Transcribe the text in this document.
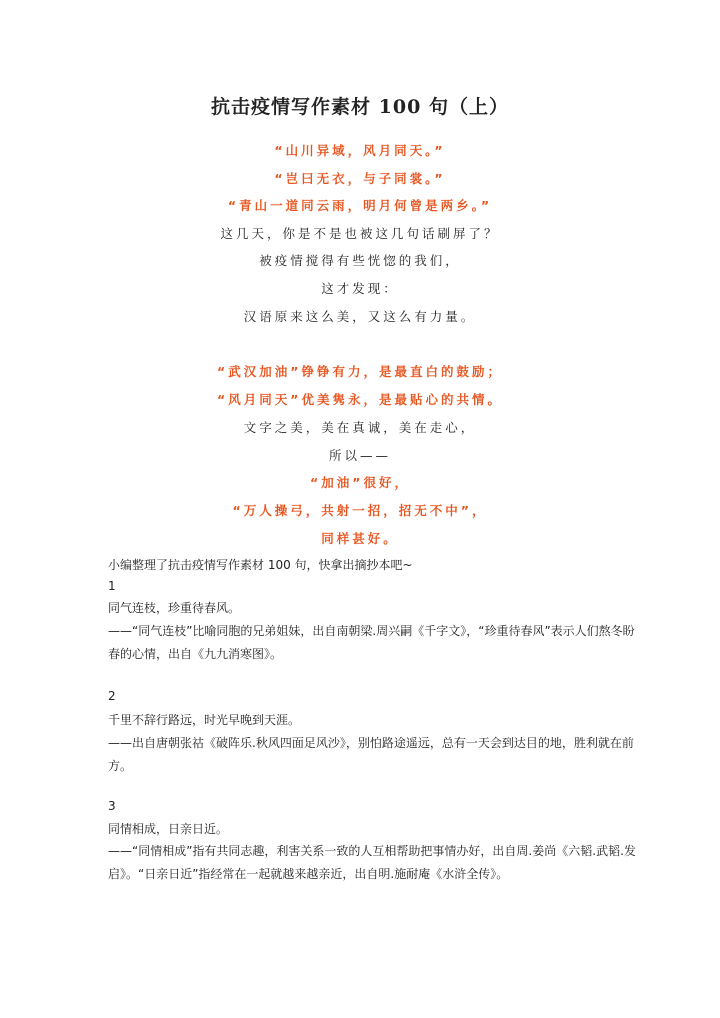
抗击疫情写作素材 100 句（上）
“山川异域，风月同天。”
“岂曰无衣，与子同裳。”
“青山一道同云雨，明月何曾是两乡。”
这几天，你是不是也被这几句话刷屏了？
被疫情搅得有些恍惚的我们，
这才发现：
汉语原来这么美，又这么有力量。
“武汉加油”铮铮有力，是最直白的鼓励；
“风月同天”优美隽永，是最贴心的共情。
文字之美，美在真诚，美在走心，
所以——
“加油”很好，
“万人操弓，共射一招，招无不中”，
同样甚好。
小编整理了抗击疫情写作素材 100 句，快拿出摘抄本吧~
1
同气连枝，珍重待春风。
——“同气连枝”比喻同胞的兄弟姐妹，出自南朝梁.周兴嗣《千字文》，“珍重待春风”表示人们熬冬盼春的心情，出自《九九消寒图》。
2
千里不辞行路远，时光早晚到天涯。
——出自唐朝张祜《破阵乐.秋风四面足风沙》，别怕路途遥远，总有一天会到达目的地，胜利就在前方。
3
同情相成，日亲日近。
——“同情相成”指有共同志趣，利害关系一致的人互相帮助把事情办好，出自周.姜尚《六韬.武韬.发启》。“日亲日近”指经常在一起就越来越亲近，出自明.施耐庵《水浒全传》。
